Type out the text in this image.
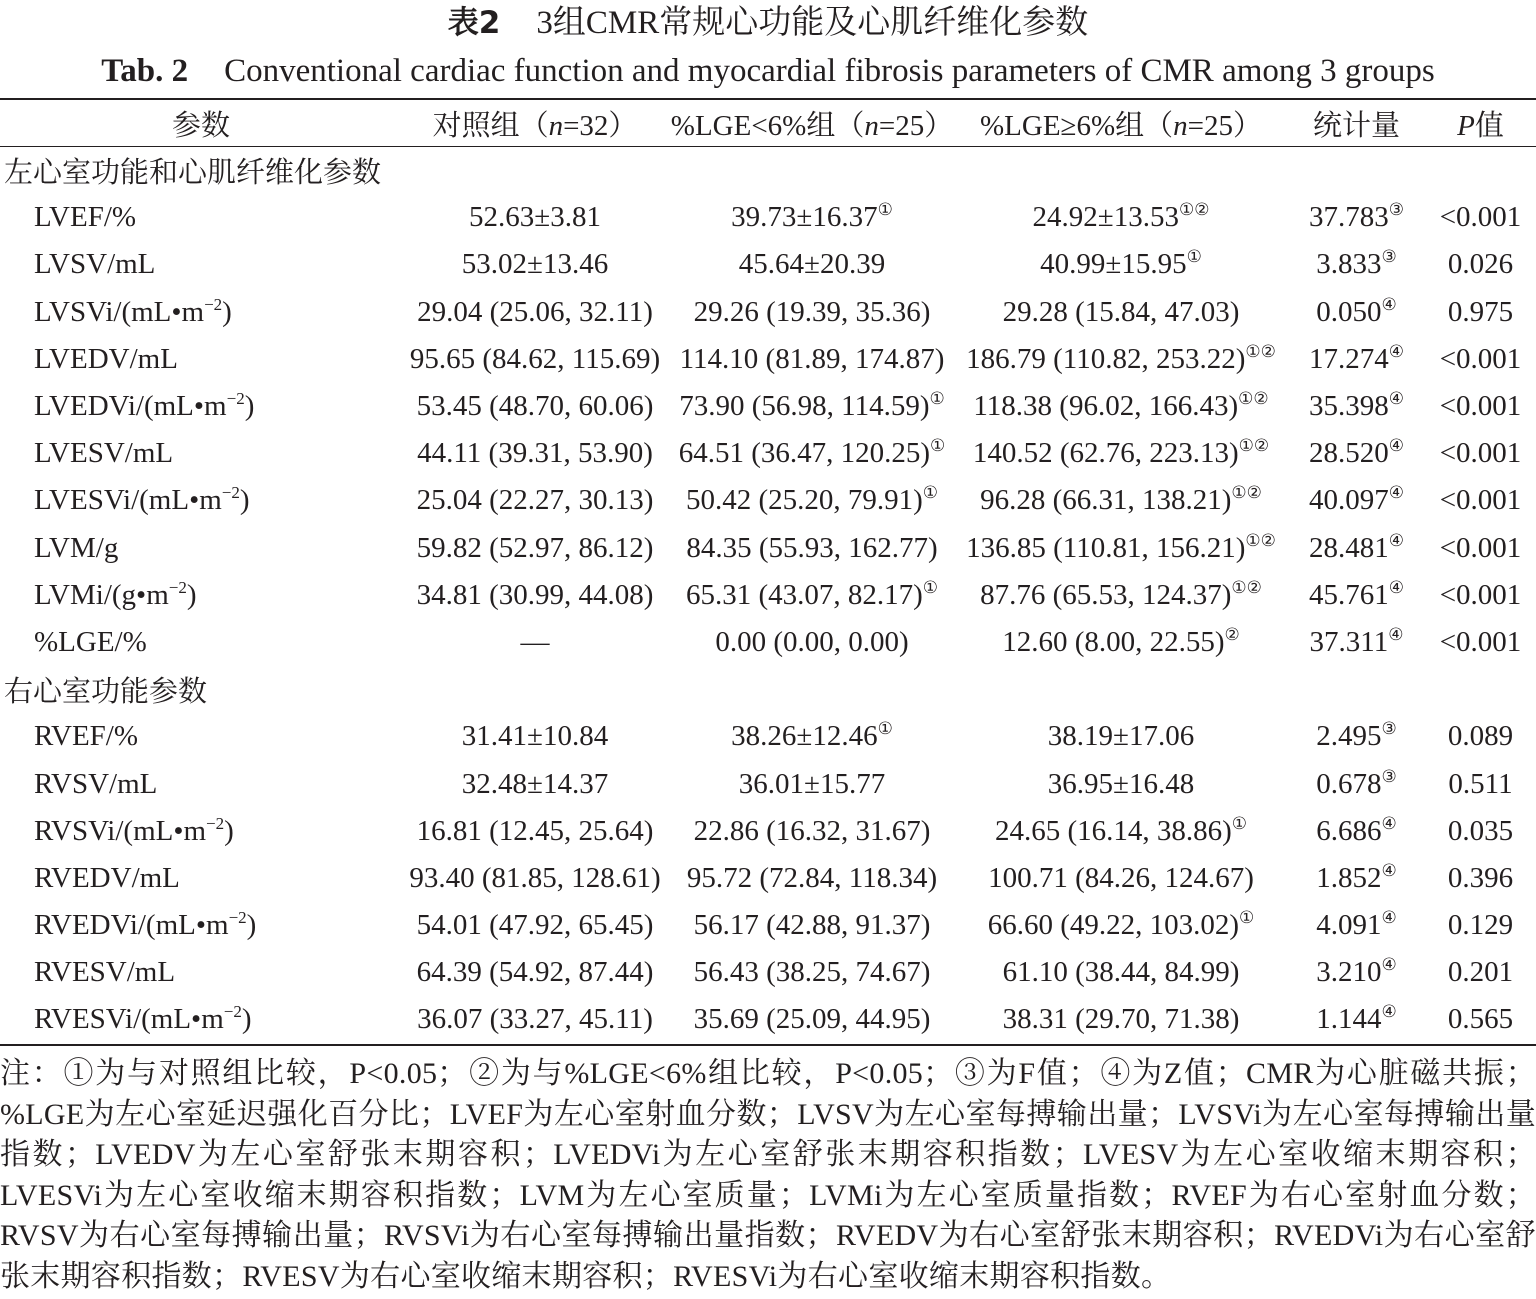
表2 3组CMR常规心功能及心肌纤维化参数
Tab. 2 Conventional cardiac function and myocardial fibrosis parameters of CMR among 3 groups
参数	对照组（n=32）	%LGE<6%组（n=25）	%LGE≥6%组（n=25）	统计量	P值
左心室功能和心肌纤维化参数					
LVEF/%	52.63±3.81	39.73±16.37①	24.92±13.53①②	37.783③	<0.001
LVSV/mL	53.02±13.46	45.64±20.39	40.99±15.95①	3.833③	0.026
LVSVi/$(mL•m^{-2})$	29.04 (25.06, 32.11)	29.26 (19.39, 35.36)	29.28 (15.84, 47.03)	0.050④	0.975
LVEDV/mL	95.65 (84.62, 115.69)	114.10 (81.89, 174.87)	186.79 (110.82, 253.22)①②	17.274④	<0.001
LVEDVi/$(mL•m^{-2})$	53.45 (48.70, 60.06)	73.90 (56.98, 114.59)①	118.38 (96.02, 166.43)①②	35.398④	<0.001
LVESV/mL	44.11 (39.31, 53.90)	64.51 (36.47, 120.25)①	140.52 (62.76, 223.13)①②	28.520④	<0.001
LVESVi/$(mL•m^{-2})$	25.04 (22.27, 30.13)	50.42 (25.20, 79.91)①	96.28 (66.31, 138.21)①②	40.097④	<0.001
LVM/g	59.82 (52.97, 86.12)	84.35 (55.93, 162.77)	136.85 (110.81, 156.21)①②	28.481④	<0.001
LVMi/$(g•m^{-2})$	34.81 (30.99, 44.08)	65.31 (43.07, 82.17)①	87.76 (65.53, 124.37)①②	45.761④	<0.001
%LGE/%	—	0.00 (0.00, 0.00)	12.60 (8.00, 22.55)②	37.311④	<0.001
右心室功能参数					
RVEF/%	31.41±10.84	38.26±12.46①	38.19±17.06	2.495③	0.089
RVSV/mL	32.48±14.37	36.01±15.77	36.95±16.48	0.678③	0.511
RVSVi/$(mL•m^{-2})$	16.81 (12.45, 25.64)	22.86 (16.32, 31.67)	24.65 (16.14, 38.86)①	6.686④	0.035
RVEDV/mL	93.40 (81.85, 128.61)	95.72 (72.84, 118.34)	100.71 (84.26, 124.67)	1.852④	0.396
RVEDVi/$(mL•m^{-2})$	54.01 (47.92, 65.45)	56.17 (42.88, 91.37)	66.60 (49.22, 103.02)①	4.091④	0.129
RVESV/mL	64.39 (54.92, 87.44)	56.43 (38.25, 74.67)	61.10 (38.44, 84.99)	3.210④	0.201
RVESVi/$(mL•m^{-2})$	36.07 (33.27, 45.11)	35.69 (25.09, 44.95)	38.31 (29.70, 71.38)	1.144④	0.565
注：①为与对照组比较，P<0.05；②为与%LGE<6%组比较，P<0.05；③为F值；④为Z值；CMR为心脏磁共振；%LGE为左心室延迟强化百分比；LVEF为左心室射血分数；LVSV为左心室每搏输出量；LVSVi为左心室每搏输出量指数；LVEDV为左心室舒张末期容积；LVEDVi为左心室舒张末期容积指数；LVESV为左心室收缩末期容积；LVESVi为左心室收缩末期容积指数；LVM为左心室质量；LVMi为左心室质量指数；RVEF为右心室射血分数；RVSV为右心室每搏输出量；RVSVi为右心室每搏输出量指数；RVEDV为右心室舒张末期容积；RVEDVi为右心室舒张末期容积指数；RVESV为右心室收缩末期容积；RVESVi为右心室收缩末期容积指数。
